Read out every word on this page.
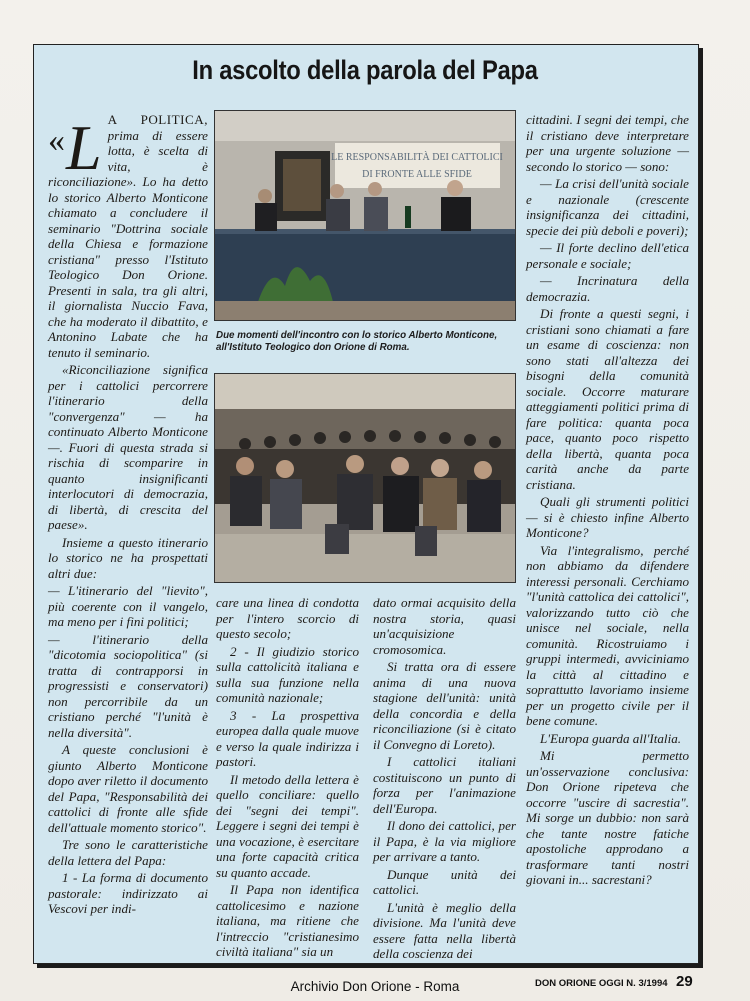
In ascolto della parola del Papa

«L A POLITICA, prima di essere lotta, è scelta di vita, è riconciliazione». Lo ha detto lo storico Alberto Monticone chiamato a concludere il seminario "Dottrina sociale della Chiesa e formazione cristiana" presso l'Istituto Teologico Don Orione. Presenti in sala, tra gli altri, il giornalista Nuccio Fava, che ha moderato il dibattito, e Antonino Labate che ha tenuto il seminario.

«Riconciliazione significa per i cattolici percorrere l'itinerario della "convergenza" — ha continuato Alberto Monticone —. Fuori di questa strada si rischia di scomparire in quanto insignificanti interlocutori di democrazia, di libertà, di crescita del paese».

Insieme a questo itinerario lo storico ne ha prospettati altri due:

— L'itinerario del "lievito", più coerente con il vangelo, ma meno per i fini politici;

— l'itinerario della "dicotomia sociopolitica" (si tratta di contrapporsi in progressisti e conservatori) non percorribile da un cristiano perché "l'unità è nella diversità".

A queste conclusioni è giunto Alberto Monticone dopo aver riletto il documento del Papa, "Responsabilità dei cattolici di fronte alle sfide dell'attuale momento storico".

Tre sono le caratteristiche della lettera del Papa:

1 - La forma di documento pastorale: indirizzato ai Vescovi per indi-

LE RESPONSABILITÀ DEI CATTOLICI
DI FRONTE ALLE SFIDE
Due momenti dell'incontro con lo storico Alberto Monticone, all'Istituto Teologico don Orione di Roma.

care una linea di condotta per l'intero scorcio di questo secolo;

2 - Il giudizio storico sulla cattolicità italiana e sulla sua funzione nella comunità nazionale;

3 - La prospettiva europea dalla quale muove e verso la quale indirizza i pastori.

Il metodo della lettera è quello conciliare: quello dei "segni dei tempi". Leggere i segni dei tempi è una vocazione, è esercitare una forte capacità critica su quanto accade.

Il Papa non identifica cattolicesimo e nazione italiana, ma ritiene che l'intreccio "cristianesimo civiltà italiana" sia un

dato ormai acquisito della nostra storia, quasi un'acquisizione cromosomica.

Si tratta ora di essere anima di una nuova stagione dell'unità: unità della concordia e della riconciliazione (si è citato il Convegno di Loreto).

I cattolici italiani costituiscono un punto di forza per l'animazione dell'Europa.

Il dono dei cattolici, per il Papa, è la via migliore per arrivare a tanto.

Dunque unità dei cattolici.

L'unità è meglio della divisione. Ma l'unità deve essere fatta nella libertà della coscienza dei

cittadini. I segni dei tempi, che il cristiano deve interpretare per una urgente soluzione — secondo lo storico — sono:

— La crisi dell'unità sociale e nazionale (crescente insignificanza dei cittadini, specie dei più deboli e poveri);

— Il forte declino dell'etica personale e sociale;

— Incrinatura della democrazia.

Di fronte a questi segni, i cristiani sono chiamati a fare un esame di coscienza: non sono stati all'altezza dei bisogni della comunità sociale. Occorre maturare atteggiamenti politici prima di fare politica: quanta poca pace, quanto poco rispetto della libertà, quanta poca carità anche da parte cristiana.

Quali gli strumenti politici — si è chiesto infine Alberto Monticone?

Via l'integralismo, perché non abbiamo da difendere interessi personali. Cerchiamo "l'unità cattolica dei cattolici", valorizzando tutto ciò che unisce nel sociale, nella comunità. Ricostruiamo i gruppi intermedi, avviciniamo la città al cittadino e soprattutto lavoriamo insieme per un progetto civile per il bene comune.

L'Europa guarda all'Italia.

Mi permetto un'osservazione conclusiva: Don Orione ripeteva che occorre "uscire di sacrestia". Mi sorge un dubbio: non sarà che tante nostre fatiche apostoliche approdano a trasformare tanti nostri giovani in... sacrestani?

Archivio Don Orione - Roma	DON ORIONE OGGI N. 3/1994 29
